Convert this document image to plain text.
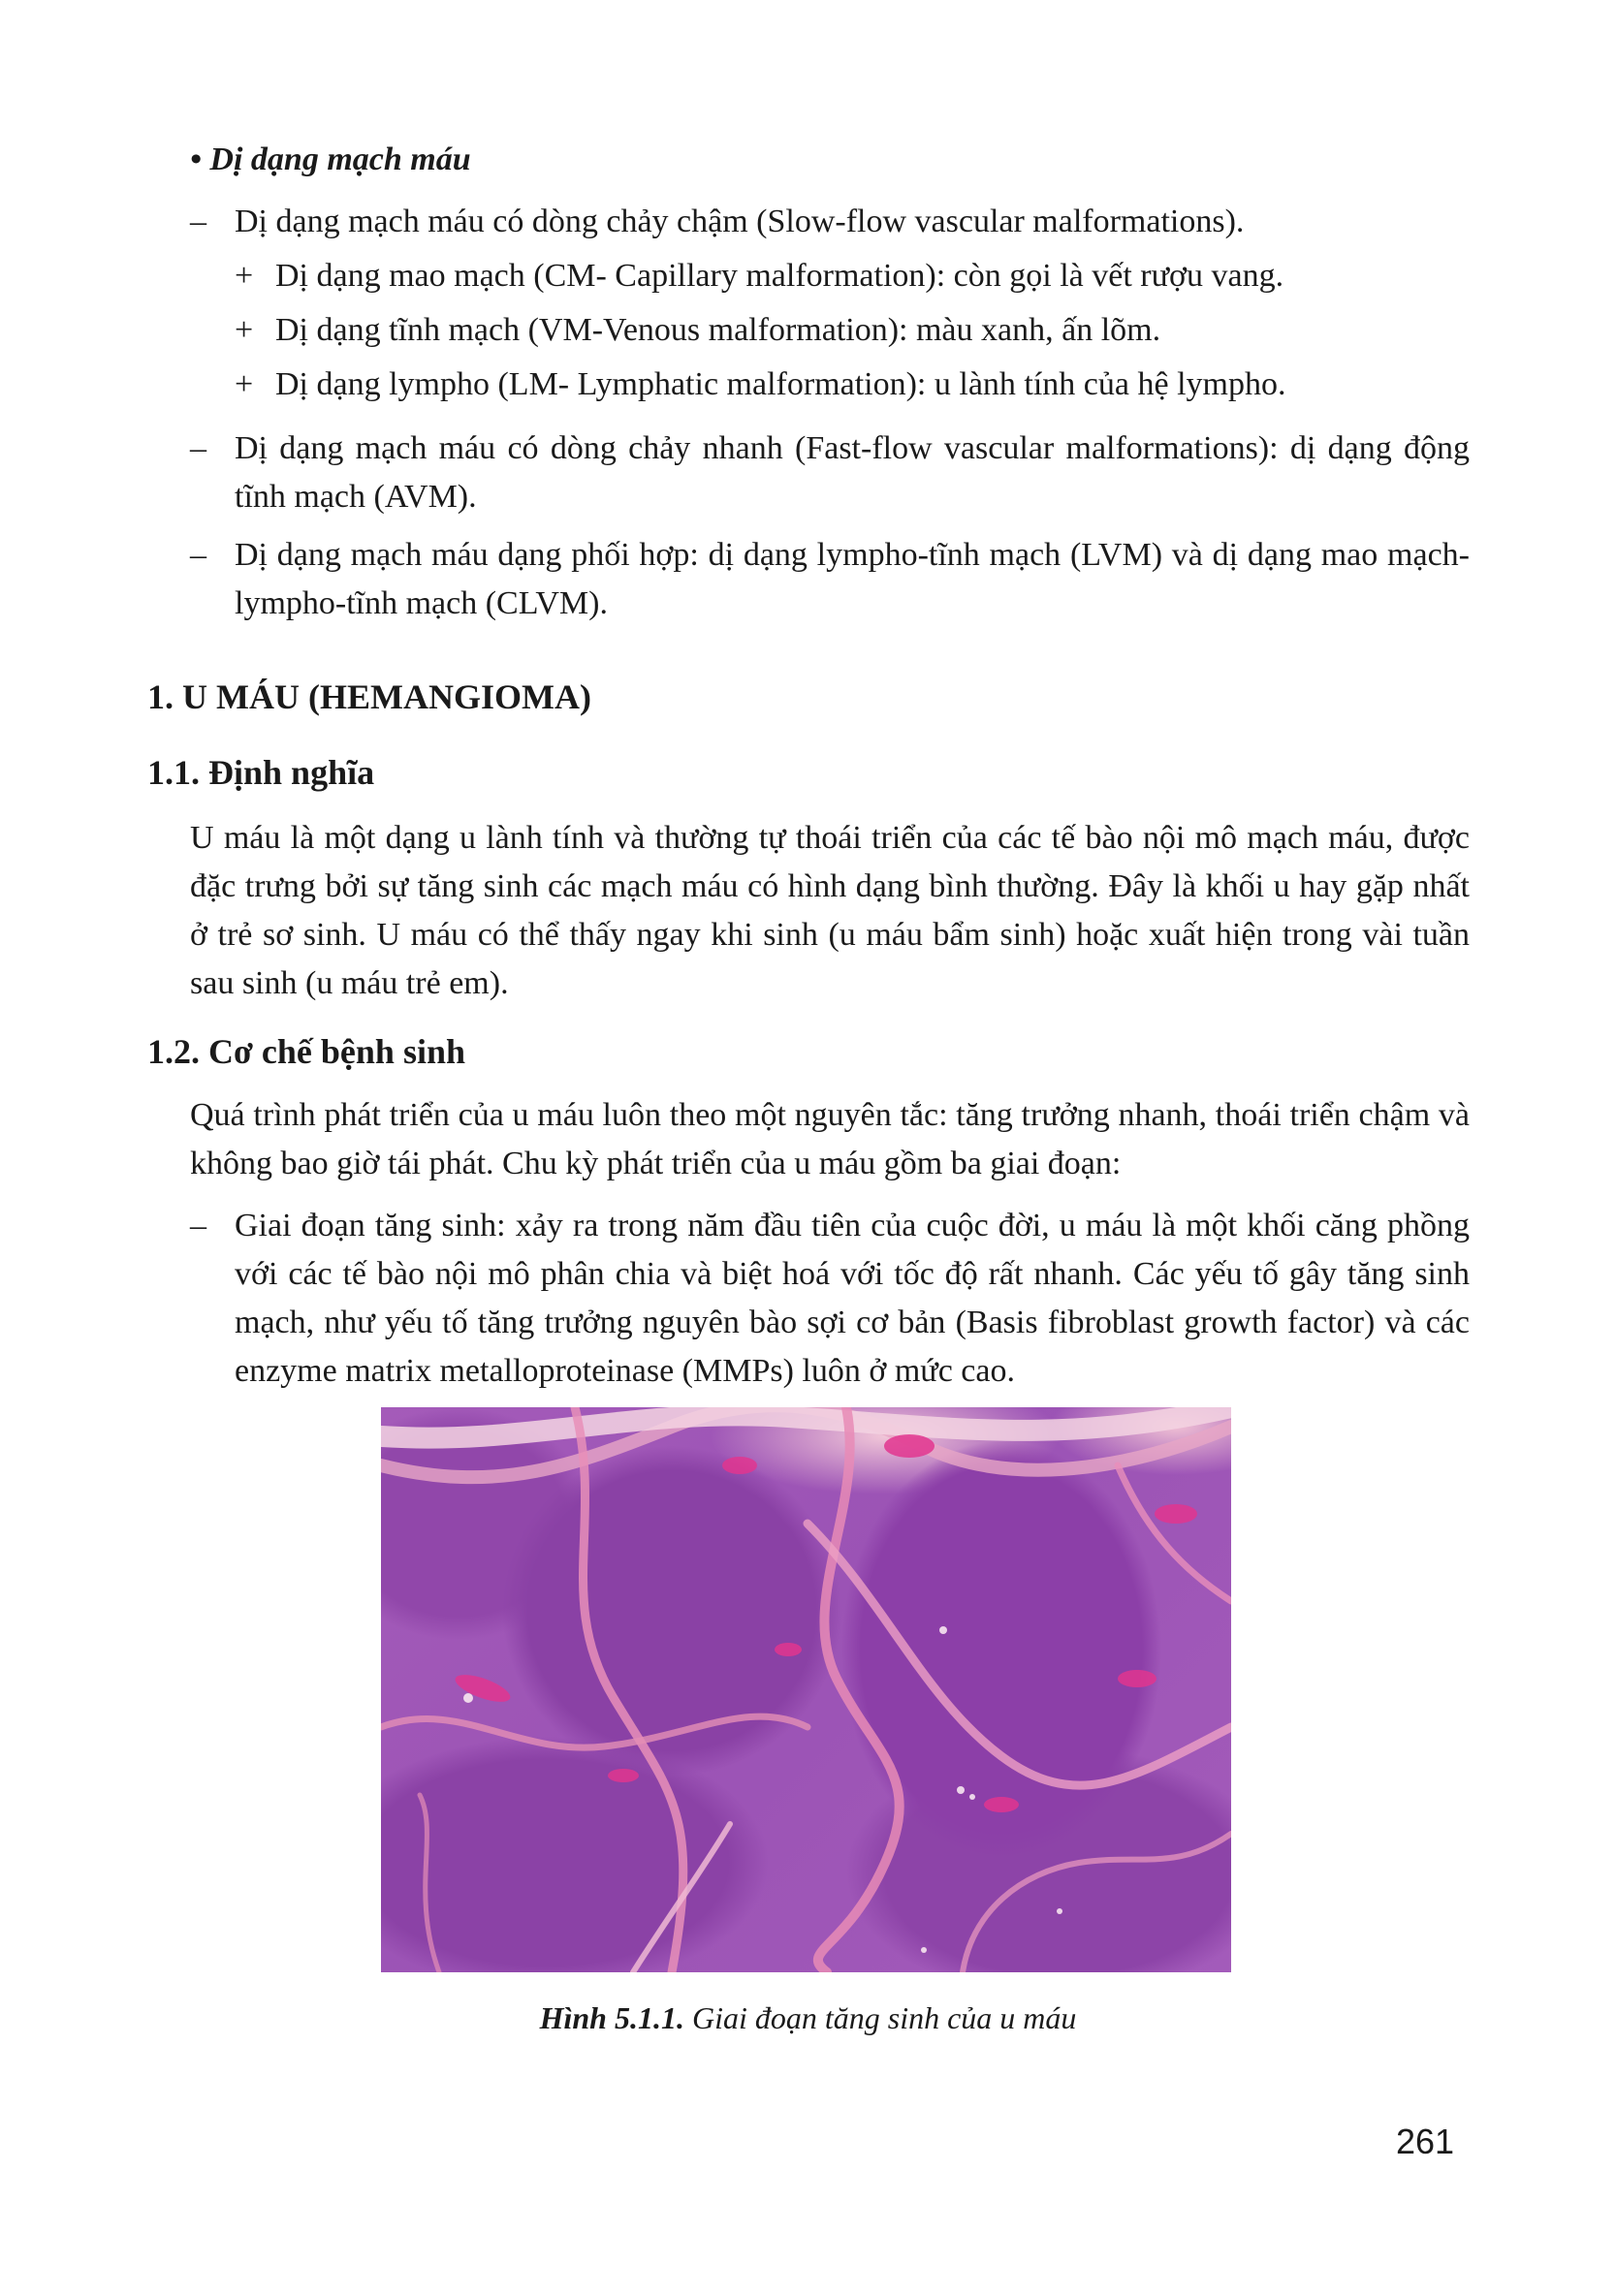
• Dị dạng mạch máu
– Dị dạng mạch máu có dòng chảy chậm (Slow-flow vascular malformations).

+ Dị dạng mao mạch (CM- Capillary malformation): còn gọi là vết rượu vang.

+ Dị dạng tĩnh mạch (VM-Venous malformation): màu xanh, ấn lõm.

+ Dị dạng lympho (LM- Lymphatic malformation): u lành tính của hệ lympho.

– Dị dạng mạch máu có dòng chảy nhanh (Fast-flow vascular malformations): dị dạng động tĩnh mạch (AVM).

– Dị dạng mạch máu dạng phối hợp: dị dạng lympho-tĩnh mạch (LVM) và dị dạng mao mạch-lympho-tĩnh mạch (CLVM).

1. U MÁU (HEMANGIOMA)
1.1. Định nghĩa

U máu là một dạng u lành tính và thường tự thoái triển của các tế bào nội mô mạch máu, được đặc trưng bởi sự tăng sinh các mạch máu có hình dạng bình thường. Đây là khối u hay gặp nhất ở trẻ sơ sinh. U máu có thể thấy ngay khi sinh (u máu bẩm sinh) hoặc xuất hiện trong vài tuần sau sinh (u máu trẻ em).

1.2. Cơ chế bệnh sinh

Quá trình phát triển của u máu luôn theo một nguyên tắc: tăng trưởng nhanh, thoái triển chậm và không bao giờ tái phát. Chu kỳ phát triển của u máu gồm ba giai đoạn:

– Giai đoạn tăng sinh: xảy ra trong năm đầu tiên của cuộc đời, u máu là một khối căng phồng với các tế bào nội mô phân chia và biệt hoá với tốc độ rất nhanh. Các yếu tố gây tăng sinh mạch, như yếu tố tăng trưởng nguyên bào sợi cơ bản (Basis fibroblast growth factor) và các enzyme matrix metalloproteinase (MMPs) luôn ở mức cao.

Hình 5.1.1. Giai đoạn tăng sinh của u máu
261
